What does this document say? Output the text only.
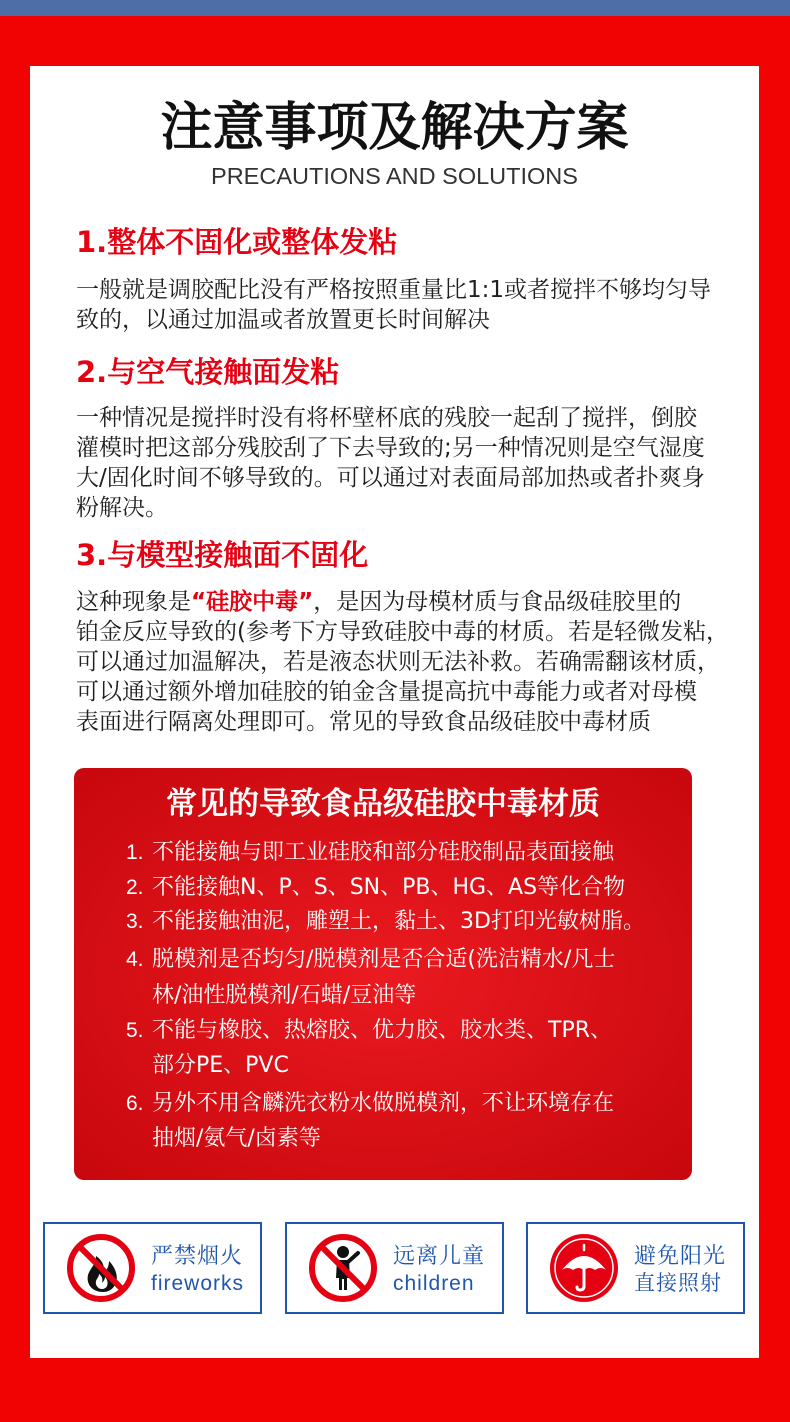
注意事项及解决方案
PRECAUTIONS AND SOLUTIONS
1.整体不固化或整体发粘
一般就是调胶配比没有严格按照重量比1:1或者搅拌不够均匀导
致的，以通过加温或者放置更长时间解决
2.与空气接触面发粘
一种情况是搅拌时没有将杯壁杯底的残胶一起刮了搅拌，倒胶
灌模时把这部分残胶刮了下去导致的;另一种情况则是空气湿度
大/固化时间不够导致的。可以通过对表面局部加热或者扑爽身
粉解决。
3.与模型接触面不固化
这种现象是“硅胶中毒”，是因为母模材质与食品级硅胶里的
铂金反应导致的(参考下方导致硅胶中毒的材质。若是轻微发粘，
可以通过加温解决，若是液态状则无法补救。若确需翻该材质，
可以通过额外增加硅胶的铂金含量提高抗中毒能力或者对母模
表面进行隔离处理即可。常见的导致食品级硅胶中毒材质
常见的导致食品级硅胶中毒材质
1. 不能接触与即工业硅胶和部分硅胶制品表面接触
2. 不能接触N、P、S、SN、PB、HG、AS等化合物
3. 不能接触油泥，雕塑土，黏土、3D打印光敏树脂。
4. 脱模剂是否均匀/脱模剂是否合适(洗洁精水/凡士
林/油性脱模剂/石蜡/豆油等
5. 不能与橡胶、热熔胶、优力胶、胶水类、TPR、
部分PE、PVC
6. 另外不用含麟洗衣粉水做脱模剂，不让环境存在
抽烟/氨气/卤素等
严禁烟火
fireworks
远离儿童
children
避免阳光
直接照射
